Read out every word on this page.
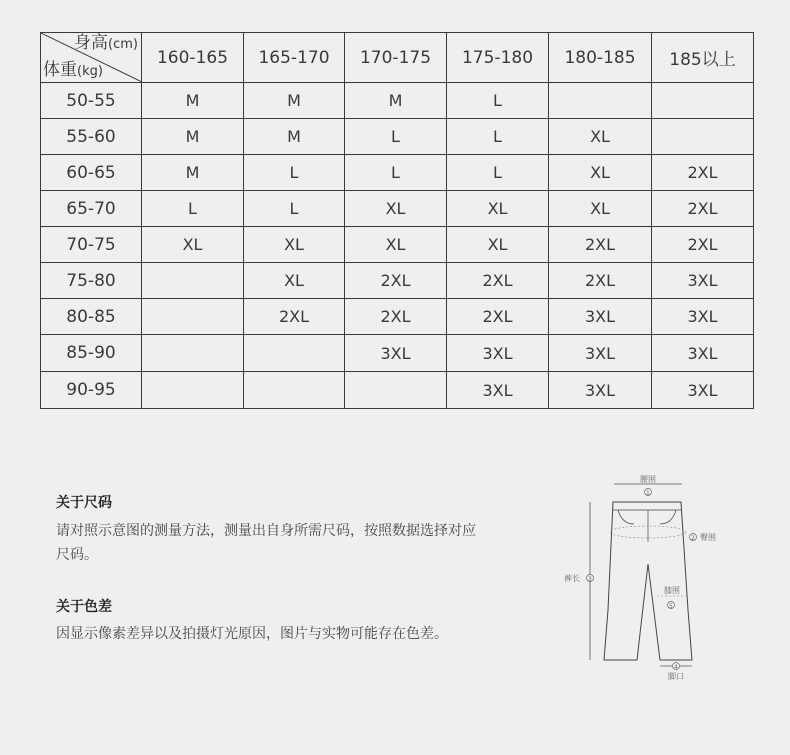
身高(cm)
体重(kg)	160-165	165-170	170-175	175-180	180-185	185以上
50-55	M	M	M	L		
55-60	M	M	L	L	XL	
60-65	M	L	L	L	XL	2XL
65-70	L	L	XL	XL	XL	2XL
70-75	XL	XL	XL	XL	2XL	2XL
75-80		XL	2XL	2XL	2XL	3XL
80-85		2XL	2XL	2XL	3XL	3XL
85-90			3XL	3XL	3XL	3XL
90-95				3XL	3XL	3XL
关于尺码
请对照示意图的测量方法，测量出自身所需尺码，按照数据选择对应尺码。
关于色差
因显示像素差异以及拍摄灯光原因，图片与实物可能存在色差。
腰围
1
2 臀围
裤长 3
膝围
5
4
脚口
